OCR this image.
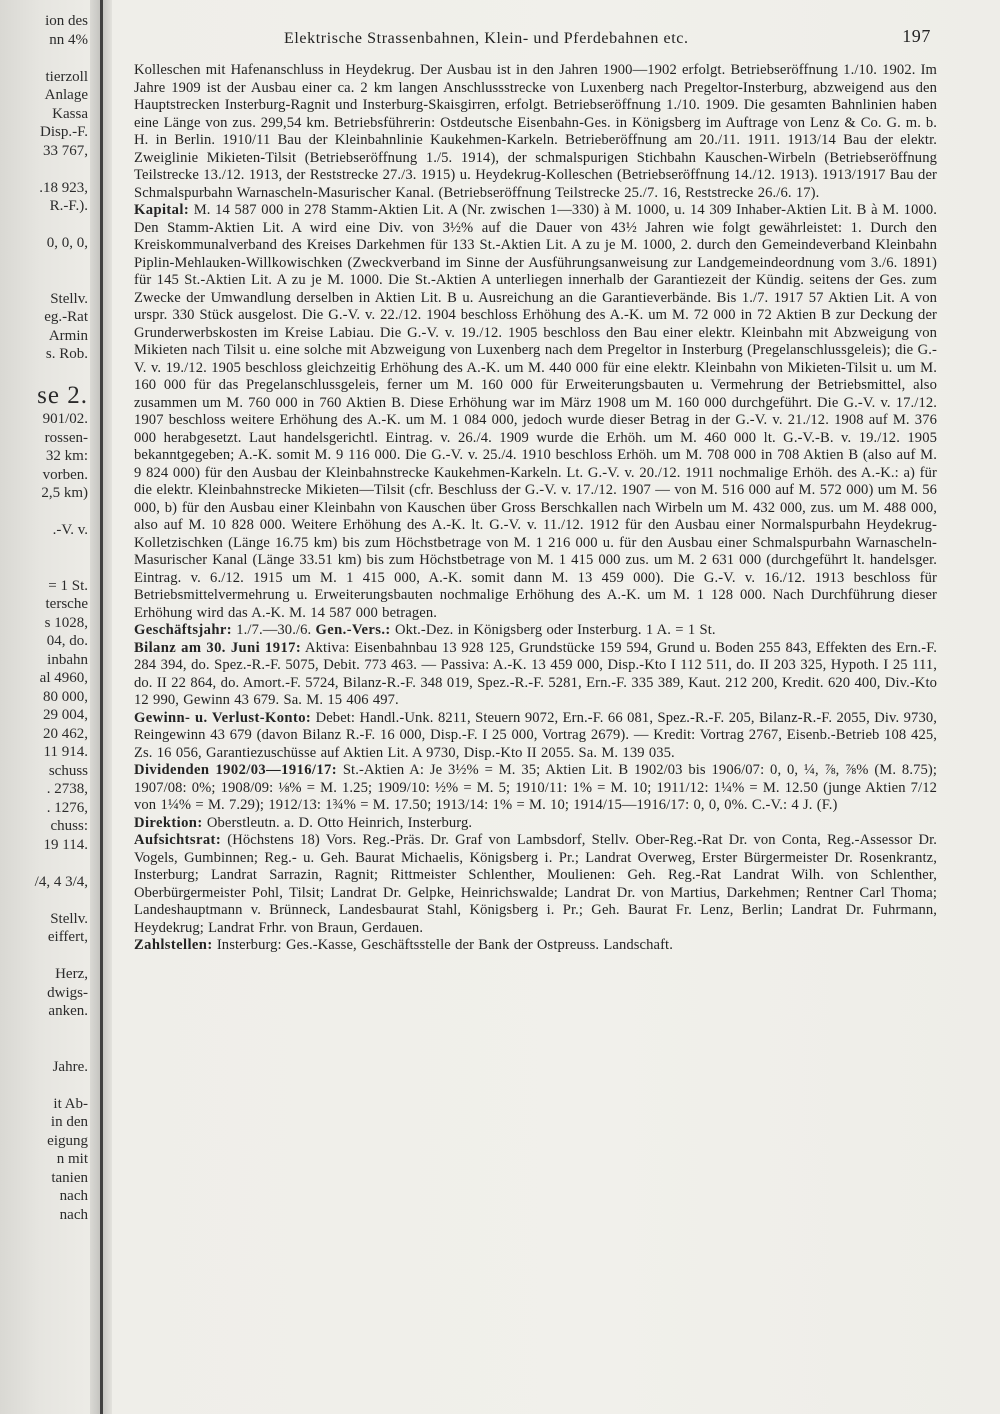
ion des
nn 4%
tierzoll
Anlage
Kassa
Disp.-F.
33 767,
.18 923,
R.-F.).
0, 0, 0,
Stellv.
eg.-Rat
Armin
s. Rob.
se 2.
901/02.
rossen-
32 km:
vorben.
2,5 km)
.-V. v.
= 1 St.
tersche
s 1028,
04, do.
inbahn
al 4960,
80 000,
29 004,
20 462,
11 914.
schuss
. 2738,
. 1276,
chuss:
19 114.
/4, 4 3/4,
Stellv.
eiffert,
Herz,
dwigs-
anken.
Jahre.
it Ab-
in den
eigung
n mit
tanien
nach
nach
Elektrische Strassenbahnen, Klein- und Pferdebahnen etc.	197

Kolleschen mit Hafenanschluss in Heydekrug. Der Ausbau ist in den Jahren 1900—1902 erfolgt. Betriebseröffnung 1./10. 1902. Im Jahre 1909 ist der Ausbau einer ca. 2 km langen Anschlussstrecke von Luxenberg nach Pregeltor-Insterburg, abzweigend aus den Hauptstrecken Insterburg-Ragnit und Insterburg-Skaisgirren, erfolgt. Betriebseröffnung 1./10. 1909. Die gesamten Bahnlinien haben eine Länge von zus. 299,54 km. Betriebsführerin: Ostdeutsche Eisenbahn-Ges. in Königsberg im Auftrage von Lenz & Co. G. m. b. H. in Berlin. 1910/11 Bau der Kleinbahnlinie Kaukehmen-Karkeln. Betrieberöffnung am 20./11. 1911. 1913/14 Bau der elektr. Zweiglinie Mikieten-Tilsit (Betriebseröffnung 1./5. 1914), der schmalspurigen Stichbahn Kauschen-Wirbeln (Betriebseröffnung Teilstrecke 13./12. 1913, der Reststrecke 27./3. 1915) u. Heydekrug-Kolleschen (Betriebseröffnung 14./12. 1913). 1913/1917 Bau der Schmalspurbahn Warnascheln-Masurischer Kanal. (Betriebseröffnung Teilstrecke 25./7. 16, Reststrecke 26./6. 17).

Kapital: M. 14 587 000 in 278 Stamm-Aktien Lit. A (Nr. zwischen 1—330) à M. 1000, u. 14 309 Inhaber-Aktien Lit. B à M. 1000. Den Stamm-Aktien Lit. A wird eine Div. von 3½% auf die Dauer von 43½ Jahren wie folgt gewährleistet: 1. Durch den Kreiskommunalverband des Kreises Darkehmen für 133 St.-Aktien Lit. A zu je M. 1000, 2. durch den Gemeindeverband Kleinbahn Piplin-Mehlauken-Willkowischken (Zweckverband im Sinne der Ausführungsanweisung zur Landgemeindeordnung vom 3./6. 1891) für 145 St.-Aktien Lit. A zu je M. 1000. Die St.-Aktien A unterliegen innerhalb der Garantiezeit der Kündig. seitens der Ges. zum Zwecke der Umwandlung derselben in Aktien Lit. B u. Ausreichung an die Garantieverbände. Bis 1./7. 1917 57 Aktien Lit. A von urspr. 330 Stück ausgelost. Die G.-V. v. 22./12. 1904 beschloss Erhöhung des A.-K. um M. 72 000 in 72 Aktien B zur Deckung der Grunderwerbskosten im Kreise Labiau. Die G.-V. v. 19./12. 1905 beschloss den Bau einer elektr. Kleinbahn mit Abzweigung von Mikieten nach Tilsit u. eine solche mit Abzweigung von Luxenberg nach dem Pregeltor in Insterburg (Pregelanschlussgeleis); die G.-V. v. 19./12. 1905 beschloss gleichzeitig Erhöhung des A.-K. um M. 440 000 für eine elektr. Kleinbahn von Mikieten-Tilsit u. um M. 160 000 für das Pregelanschlussgeleis, ferner um M. 160 000 für Erweiterungsbauten u. Vermehrung der Betriebsmittel, also zusammen um M. 760 000 in 760 Aktien B. Diese Erhöhung war im März 1908 um M. 160 000 durchgeführt. Die G.-V. v. 17./12. 1907 beschloss weitere Erhöhung des A.-K. um M. 1 084 000, jedoch wurde dieser Betrag in der G.-V. v. 21./12. 1908 auf M. 376 000 herabgesetzt. Laut handelsgerichtl. Eintrag. v. 26./4. 1909 wurde die Erhöh. um M. 460 000 lt. G.-V.-B. v. 19./12. 1905 bekanntgegeben; A.-K. somit M. 9 116 000. Die G.-V. v. 25./4. 1910 beschloss Erhöh. um M. 708 000 in 708 Aktien B (also auf M. 9 824 000) für den Ausbau der Kleinbahnstrecke Kaukehmen-Karkeln. Lt. G.-V. v. 20./12. 1911 nochmalige Erhöh. des A.-K.: a) für die elektr. Kleinbahnstrecke Mikieten—Tilsit (cfr. Beschluss der G.-V. v. 17./12. 1907 — von M. 516 000 auf M. 572 000) um M. 56 000, b) für den Ausbau einer Kleinbahn von Kauschen über Gross Berschkallen nach Wirbeln um M. 432 000, zus. um M. 488 000, also auf M. 10 828 000. Weitere Erhöhung des A.-K. lt. G.-V. v. 11./12. 1912 für den Ausbau einer Normalspurbahn Heydekrug-Kolletzischken (Länge 16.75 km) bis zum Höchstbetrage von M. 1 216 000 u. für den Ausbau einer Schmalspurbahn Warnascheln-Masurischer Kanal (Länge 33.51 km) bis zum Höchstbetrage von M. 1 415 000 zus. um M. 2 631 000 (durchgeführt lt. handelsger. Eintrag. v. 6./12. 1915 um M. 1 415 000, A.-K. somit dann M. 13 459 000). Die G.-V. v. 16./12. 1913 beschloss für Betriebsmittelvermehrung u. Erweiterungsbauten nochmalige Erhöhung des A.-K. um M. 1 128 000. Nach Durchführung dieser Erhöhung wird das A.-K. M. 14 587 000 betragen.

Geschäftsjahr: 1./7.—30./6. Gen.-Vers.: Okt.-Dez. in Königsberg oder Insterburg. 1 A. = 1 St.

Bilanz am 30. Juni 1917: Aktiva: Eisenbahnbau 13 928 125, Grundstücke 159 594, Grund u. Boden 255 843, Effekten des Ern.-F. 284 394, do. Spez.-R.-F. 5075, Debit. 773 463. — Passiva: A.-K. 13 459 000, Disp.-Kto I 112 511, do. II 203 325, Hypoth. I 25 111, do. II 22 864, do. Amort.-F. 5724, Bilanz-R.-F. 348 019, Spez.-R.-F. 5281, Ern.-F. 335 389, Kaut. 212 200, Kredit. 620 400, Div.-Kto 12 990, Gewinn 43 679. Sa. M. 15 406 497.

Gewinn- u. Verlust-Konto: Debet: Handl.-Unk. 8211, Steuern 9072, Ern.-F. 66 081, Spez.-R.-F. 205, Bilanz-R.-F. 2055, Div. 9730, Reingewinn 43 679 (davon Bilanz R.-F. 16 000, Disp.-F. I 25 000, Vortrag 2679). — Kredit: Vortrag 2767, Eisenb.-Betrieb 108 425, Zs. 16 056, Garantiezuschüsse auf Aktien Lit. A 9730, Disp.-Kto II 2055. Sa. M. 139 035.

Dividenden 1902/03—1916/17: St.-Aktien A: Je 3½% = M. 35; Aktien Lit. B 1902/03 bis 1906/07: 0, 0, ¼, ⅞, ⅞% (M. 8.75); 1907/08: 0%; 1908/09: ⅛% = M. 1.25; 1909/10: ½% = M. 5; 1910/11: 1% = M. 10; 1911/12: 1¼% = M. 12.50 (junge Aktien 7/12 von 1¼% = M. 7.29); 1912/13: 1¾% = M. 17.50; 1913/14: 1% = M. 10; 1914/15—1916/17: 0, 0, 0%. C.-V.: 4 J. (F.)

Direktion: Oberstleutn. a. D. Otto Heinrich, Insterburg.

Aufsichtsrat: (Höchstens 18) Vors. Reg.-Präs. Dr. Graf von Lambsdorf, Stellv. Ober-Reg.-Rat Dr. von Conta, Reg.-Assessor Dr. Vogels, Gumbinnen; Reg.- u. Geh. Baurat Michaelis, Königsberg i. Pr.; Landrat Overweg, Erster Bürgermeister Dr. Rosenkrantz, Insterburg; Landrat Sarrazin, Ragnit; Rittmeister Schlenther, Moulienen: Geh. Reg.-Rat Landrat Wilh. von Schlenther, Oberbürgermeister Pohl, Tilsit; Landrat Dr. Gelpke, Heinrichswalde; Landrat Dr. von Martius, Darkehmen; Rentner Carl Thoma; Landeshauptmann v. Brünneck, Landesbaurat Stahl, Königsberg i. Pr.; Geh. Baurat Fr. Lenz, Berlin; Landrat Dr. Fuhrmann, Heydekrug; Landrat Frhr. von Braun, Gerdauen.

Zahlstellen: Insterburg: Ges.-Kasse, Geschäftsstelle der Bank der Ostpreuss. Landschaft.
